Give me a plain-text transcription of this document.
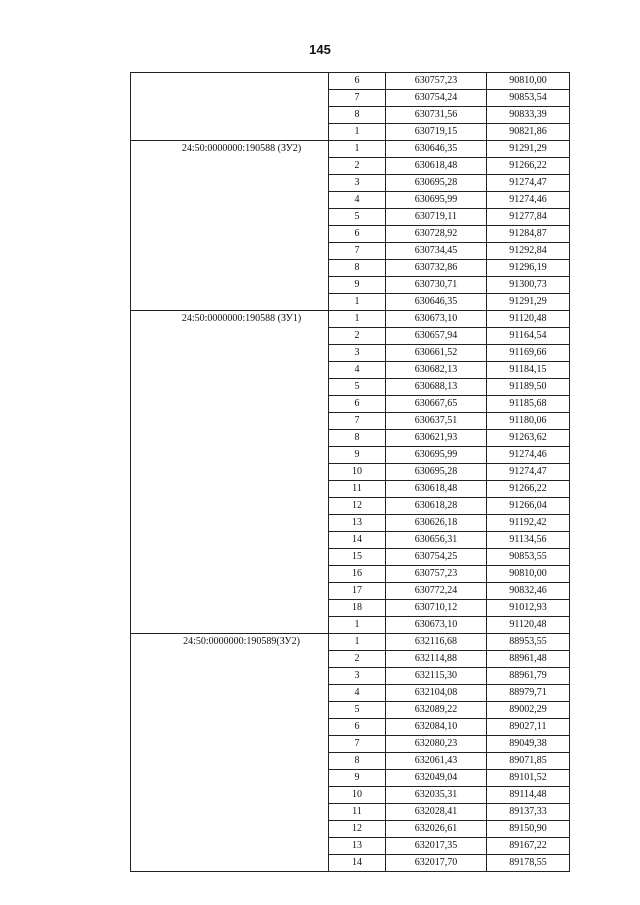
145
	6	630757,23	90810,00
	7	630754,24	90853,54
	8	630731,56	90833,39
	1	630719,15	90821,86
24:50:0000000:190588 (ЗУ2)	1	630646,35	91291,29
	2	630618,48	91266,22
	3	630695,28	91274,47
	4	630695,99	91274,46
	5	630719,11	91277,84
	6	630728,92	91284,87
	7	630734,45	91292,84
	8	630732,86	91296,19
	9	630730,71	91300,73
	1	630646,35	91291,29
24:50:0000000:190588 (ЗУ1)	1	630673,10	91120,48
	2	630657,94	91164,54
	3	630661,52	91169,66
	4	630682,13	91184,15
	5	630688,13	91189,50
	6	630667,65	91185,68
	7	630637,51	91180,06
	8	630621,93	91263,62
	9	630695,99	91274,46
	10	630695,28	91274,47
	11	630618,48	91266,22
	12	630618,28	91266,04
	13	630626,18	91192,42
	14	630656,31	91134,56
	15	630754,25	90853,55
	16	630757,23	90810,00
	17	630772,24	90832,46
	18	630710,12	91012,93
	1	630673,10	91120,48
24:50:0000000:190589(ЗУ2)	1	632116,68	88953,55
	2	632114,88	88961,48
	3	632115,30	88961,79
	4	632104,08	88979,71
	5	632089,22	89002,29
	6	632084,10	89027,11
	7	632080,23	89049,38
	8	632061,43	89071,85
	9	632049,04	89101,52
	10	632035,31	89114,48
	11	632028,41	89137,33
	12	632026,61	89150,90
	13	632017,35	89167,22
	14	632017,70	89178,55
